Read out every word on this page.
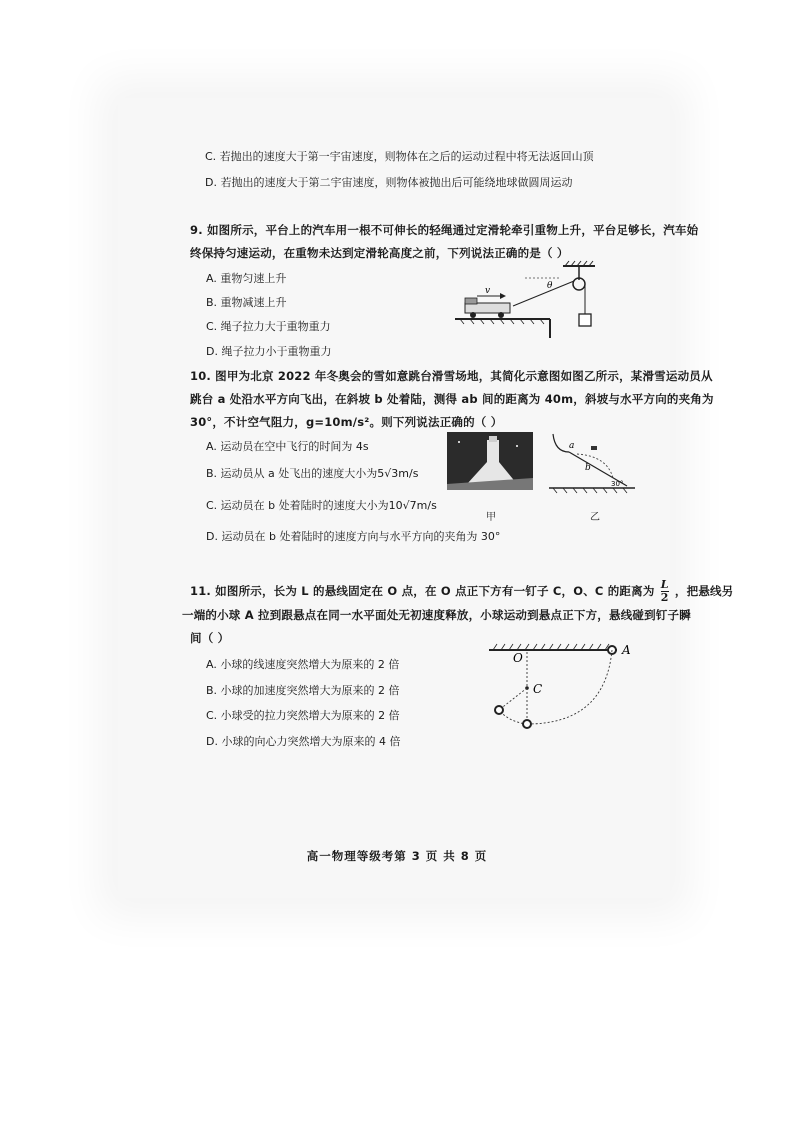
C. 若抛出的速度大于第一宇宙速度，则物体在之后的运动过程中将无法返回山顶
D. 若抛出的速度大于第二宇宙速度，则物体被抛出后可能绕地球做圆周运动
9. 如图所示，平台上的汽车用一根不可伸长的轻绳通过定滑轮牵引重物上升，平台足够长，汽车始
终保持匀速运动，在重物未达到定滑轮高度之前，下列说法正确的是（ ）
A. 重物匀速上升
B. 重物减速上升
C. 绳子拉力大于重物重力
D. 绳子拉力小于重物重力
θ
v
10. 图甲为北京 2022 年冬奥会的雪如意跳台滑雪场地，其简化示意图如图乙所示，某滑雪运动员从
跳台 a 处沿水平方向飞出，在斜坡 b 处着陆，测得 ab 间的距离为 40m，斜坡与水平方向的夹角为
30°，不计空气阻力，g=10m/s²。则下列说法正确的（ ）
A. 运动员在空中飞行的时间为 4s
B. 运动员从 a 处飞出的速度大小为5√3m/s
C. 运动员在 b 处着陆时的速度大小为10√7m/s
D. 运动员在 b 处着陆时的速度方向与水平方向的夹角为 30°
甲
a
b
30°
乙
11. 如图所示，长为 L 的悬线固定在 O 点，在 O 点正下方有一钉子 C，O、C 的距离为 $\frac{L}{2}$ ，把悬线另
一端的小球 A 拉到跟悬点在同一水平面处无初速度释放，小球运动到悬点正下方，悬线碰到钉子瞬
间（ ）
A. 小球的线速度突然增大为原来的 2 倍
B. 小球的加速度突然增大为原来的 2 倍
C. 小球受的拉力突然增大为原来的 2 倍
D. 小球的向心力突然增大为原来的 4 倍
O
A
C
高一物理等级考第 3 页 共 8 页
